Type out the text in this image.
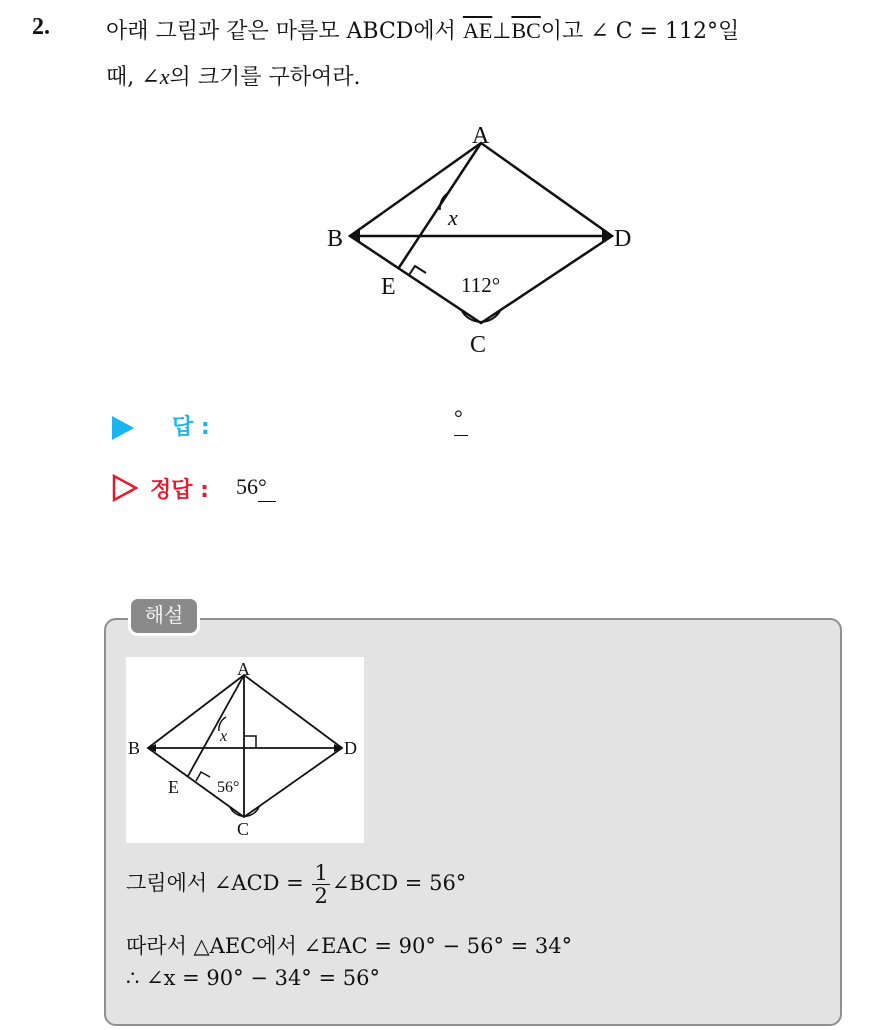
2.	아래 그림과 같은 마름모 ABCD에서 $\overline{AE}\perp\overline{BC}$이고 ∠ C = 112°일
때, ∠x의 크기를 구하여라.
A
B	D
E
C
x
112°
답 :	°
정답 : 56°
해설
A
B	D
E
C
x
56°
그림에서 ∠ACD = $\frac{1}{2}$ ∠BCD = 56°
따라서 △AEC에서 ∠EAC = 90° − 56° = 34°
∴ ∠x = 90° − 34° = 56°
